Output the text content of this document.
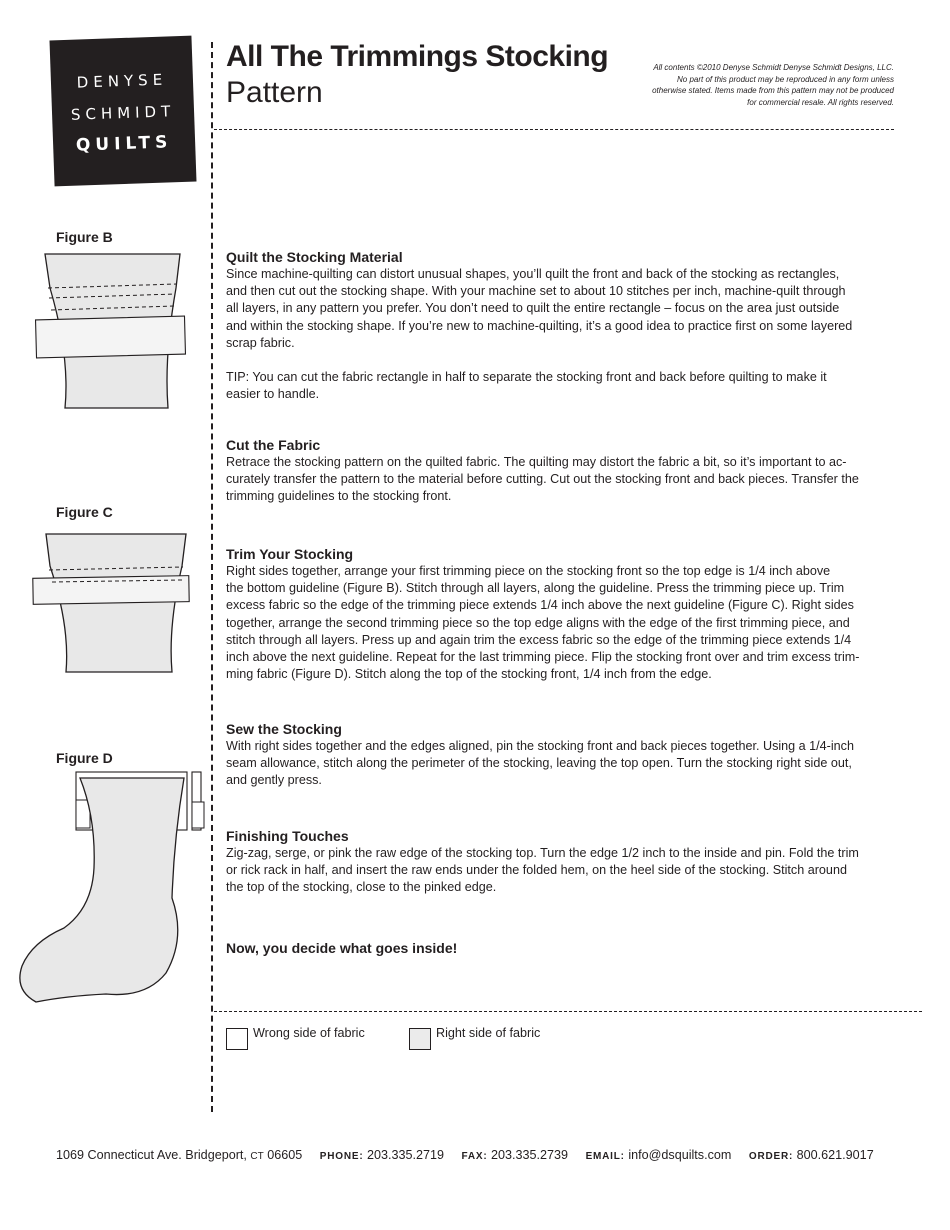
DENYSE
SCHMIDT
QUILTS
All The Trimmings Stocking
Pattern
All contents ©2010 Denyse Schmidt Denyse Schmidt Designs, LLC.
No part of this product may be reproduced in any form unless
otherwise stated. Items made from this pattern may not be produced
for commercial resale. All rights reserved.
Figure B
Figure C
Figure D
Quilt the Stocking Material

Since machine-quilting can distort unusual shapes, you’ll quilt the front and back of the stocking as rectangles,
and then cut out the stocking shape. With your machine set to about 10 stitches per inch, machine-quilt through
all layers, in any pattern you prefer. You don’t need to quilt the entire rectangle – focus on the area just outside
and within the stocking shape. If you’re new to machine-quilting, it’s a good idea to practice first on some layered
scrap fabric.

TIP: You can cut the fabric rectangle in half to separate the stocking front and back before quilting to make it
easier to handle.

Cut the Fabric

Retrace the stocking pattern on the quilted fabric. The quilting may distort the fabric a bit, so it’s important to ac-
curately transfer the pattern to the material before cutting. Cut out the stocking front and back pieces. Transfer the
trimming guidelines to the stocking front.

Trim Your Stocking

Right sides together, arrange your first trimming piece on the stocking front so the top edge is 1/4 inch above
the bottom guideline (Figure B). Stitch through all layers, along the guideline. Press the trimming piece up. Trim
excess fabric so the edge of the trimming piece extends 1/4 inch above the next guideline (Figure C). Right sides
together, arrange the second trimming piece so the top edge aligns with the edge of the first trimming piece, and
stitch through all layers. Press up and again trim the excess fabric so the edge of the trimming piece extends 1/4
inch above the next guideline. Repeat for the last trimming piece. Flip the stocking front over and trim excess trim-
ming fabric (Figure D). Stitch along the top of the stocking front, 1/4 inch from the edge.

Sew the Stocking

With right sides together and the edges aligned, pin the stocking front and back pieces together. Using a 1/4-inch
seam allowance, stitch along the perimeter of the stocking, leaving the top open. Turn the stocking right side out,
and gently press.

Finishing Touches

Zig-zag, serge, or pink the raw edge of the stocking top. Turn the edge 1/2 inch to the inside and pin. Fold the trim
or rick rack in half, and insert the raw ends under the folded hem, on the heel side of the stocking. Stitch around
the top of the stocking, close to the pinked edge.

Now, you decide what goes inside!
Wrong side of fabric	Right side of fabric
1069 Connecticut Ave. Bridgeport, CT 06605 PHONE: 203.335.2719 FAX: 203.335.2739 EMAIL: info@dsquilts.com ORDER: 800.621.9017
